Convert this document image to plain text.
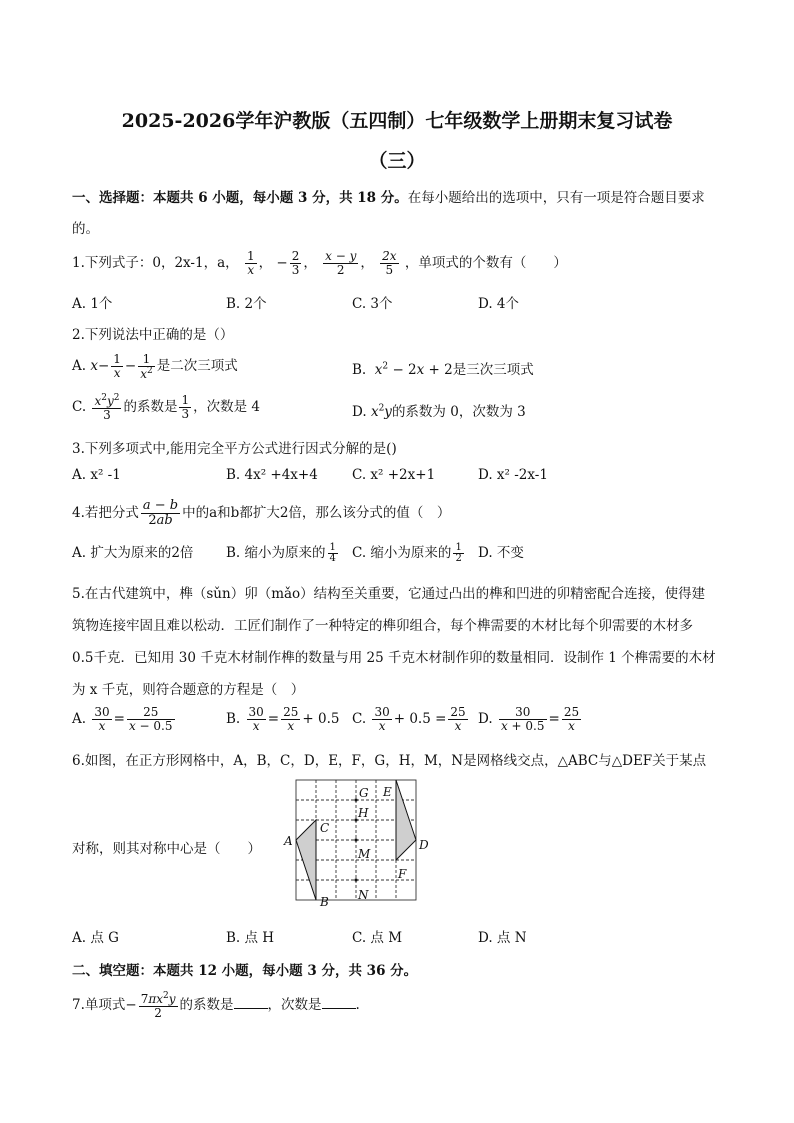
2025-2026学年沪教版（五四制）七年级数学上册期末复习试卷
（三）
一、选择题：本题共 6 小题，每小题 3 分，共 18 分。在每小题给出的选项中，只有一项是符合题目要求
的。
1.下列式子：0，2x-1，a， $\frac{1}{x}$ ， − $\frac{2}{3}$ ， $\frac{x - y}{2}$ ， $\frac{2x}{5}$ ，单项式的个数有（　　）
A. 1个	B. 2个	C. 3个	D. 4个
2.下列说法中正确的是（）
A. $x- \frac{1}{x} - \frac{1}{x^2}$ 是二次三项式	B.  $x^2 - 2x + 2$是三次三项式
C. $\frac{x^2y^2}{3}$ 的系数是 $\frac{1}{3}$ ，次数是 4	D. $x^2y$的系数为 0，次数为 3
3.下列多项式中,能用完全平方公式进行因式分解的是()
A. x² -1	B. 4x² +4x+4	C. x² +2x+1	D. x² -2x-1
4.若把分式 $\frac{a - b}{2ab}$ 中的a和b都扩大2倍，那么该分式的值（　）
A. 扩大为原来的2倍 B. 缩小为原来的 $\frac{1}{4} C$. 缩小为原来的 $\frac{1}{2} D$. 不变
5.在古代建筑中，榫（sǔn）卯（mǎo）结构至关重要，它通过凸出的榫和凹进的卯精密配合连接，使得建
筑物连接牢固且难以松动．工匠们制作了一种特定的榫卯组合，每个榫需要的木材比每个卯需要的木材多
0.5千克．已知用 30 千克木材制作榫的数量与用 25 千克木材制作卯的数量相同．设制作 1 个榫需要的木材
为 x 千克，则符合题意的方程是（　）
A. $\frac{30}{x} = \frac{25}{x - 0.5}$	B. $\frac{30}{x} = \frac{25}{x} + 0.5$ C. $\frac{30}{x} + 0.5 = \frac{25}{x} D$. $\frac{30}{x + 0.5} = \frac{25}{x}$
6.如图，在正方形网格中，A，B，C，D，E，F，G，H，M，N是网格线交点，△ABC与△DEF关于某点
对称，则其对称中心是（　　） A
B
C
D
E
F
G
H
M
N
A. 点 G	B. 点 H	C. 点 M	D. 点 N
二、填空题：本题共 12 小题，每小题 3 分，共 36 分。
7.单项式− $\frac{7\pi x^2y}{2}$ 的系数是	，次数是	.
